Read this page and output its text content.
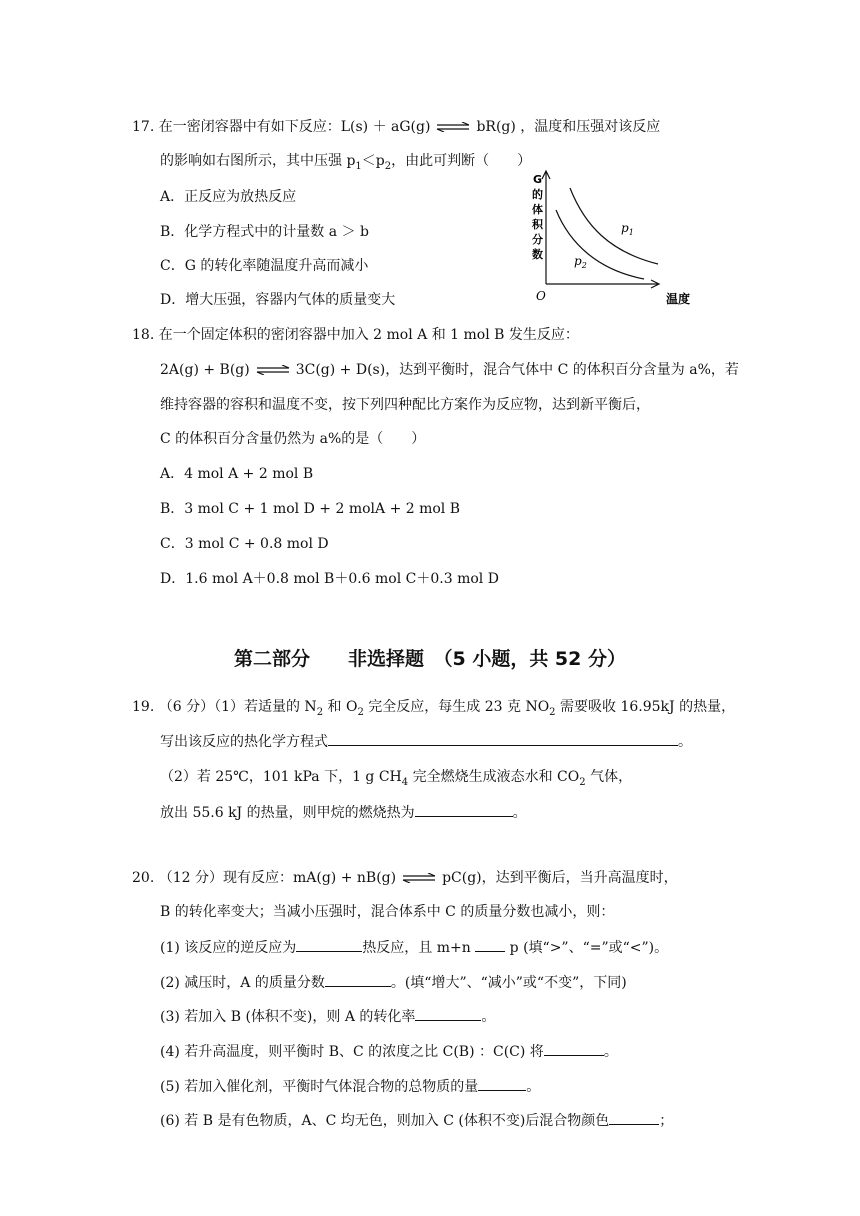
17. 在一密闭容器中有如下反应：L(s) ＋ aG(g)	bR(g) ，温度和压强对该反应
的影响如右图所示，其中压强 $p_1<p_2$，由此可判断（　　）
A．正反应为放热反应
B．化学方程式中的计量数 a ＞ b
C．G 的转化率随温度升高而减小
D．增大压强，容器内气体的质量变大
G
的
体
积
分
数
O	温度
$p_1$
$p_2$
18. 在一个固定体积的密闭容器中加入 2 mol A 和 1 mol B 发生反应：
2A(g) + B(g)	3C(g) + D(s)，达到平衡时，混合气体中 C 的体积百分含量为 a%，若
维持容器的容积和温度不变，按下列四种配比方案作为反应物，达到新平衡后，
C 的体积百分含量仍然为 a%的是（　　）
A．4 mol A + 2 mol B
B．3 mol C + 1 mol D + 2 molA + 2 mol B
C．3 mol C + 0.8 mol D
D．1.6 mol A＋0.8 mol B＋0.6 mol C＋0.3 mol D
第二部分　　非选择题　（5 小题，共 52 分）
19. （6 分）（1）若适量的 $N_2$ 和 $O_2$ 完全反应，每生成 23 克 $NO_2$ 需要吸收 16.95kJ 的热量，
写出该反应的热化学方程式	。
（2）若 25℃，101 kPa 下，1 g $CH_4$ 完全燃烧生成液态水和 $CO_2$ 气体，
放出 55.6 kJ 的热量，则甲烷的燃烧热为	。
20. （12 分）现有反应：mA(g) + nB(g)	pC(g)，达到平衡后，当升高温度时，
B 的转化率变大；当减小压强时，混合体系中 C 的质量分数也减小，则：
(1) 该反应的逆反应为	热反应，且 m+n	p (填“>”、“=”或“<”)。
(2) 减压时，A 的质量分数	。(填“增大”、“减小”或“不变”，下同)
(3) 若加入 B (体积不变)，则 A 的转化率	。
(4) 若升高温度，则平衡时 B、C 的浓度之比 C(B) ：C(C) 将	。
(5) 若加入催化剂，平衡时气体混合物的总物质的量	。
(6) 若 B 是有色物质，A、C 均无色，则加入 C (体积不变)后混合物颜色	；
